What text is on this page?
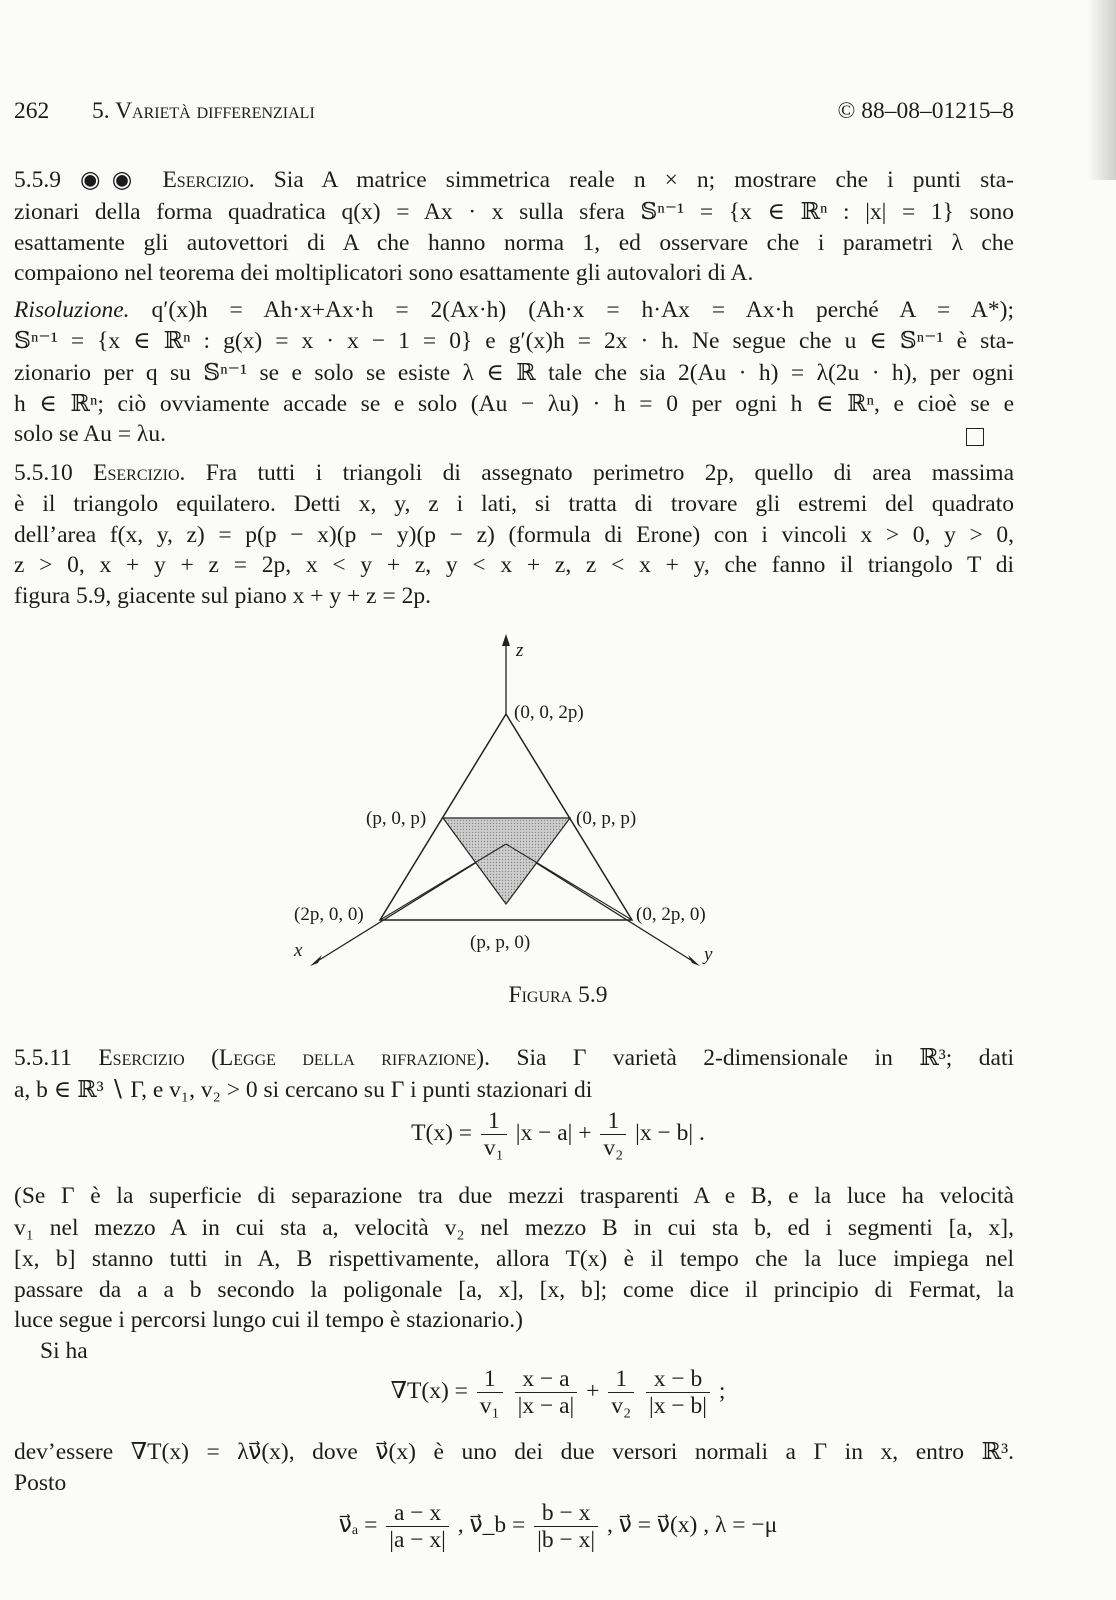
262 5. Varietà differenziali	© 88–08–01215–8
5.5.9 ◉◉ Esercizio. Sia A matrice simmetrica reale n × n; mostrare che i punti sta-
zionari della forma quadratica q(x) = Ax · x sulla sfera 𝕊ⁿ⁻¹ = {x ∈ ℝⁿ : |x| = 1} sono
esattamente gli autovettori di A che hanno norma 1, ed osservare che i parametri λ che
compaiono nel teorema dei moltiplicatori sono esattamente gli autovalori di A.
Risoluzione. q′(x)h = Ah·x+Ax·h = 2(Ax·h) (Ah·x = h·Ax = Ax·h perché A = A*);
𝕊ⁿ⁻¹ = {x ∈ ℝⁿ : g(x) = x · x − 1 = 0} e g′(x)h = 2x · h. Ne segue che u ∈ 𝕊ⁿ⁻¹ è sta-
zionario per q su 𝕊ⁿ⁻¹ se e solo se esiste λ ∈ ℝ tale che sia 2(Au · h) = λ(2u · h), per ogni
h ∈ ℝⁿ; ciò ovviamente accade se e solo (Au − λu) · h = 0 per ogni h ∈ ℝⁿ, e cioè se e
solo se Au = λu.
5.5.10 Esercizio. Fra tutti i triangoli di assegnato perimetro 2p, quello di area massima
è il triangolo equilatero. Detti x, y, z i lati, si tratta di trovare gli estremi del quadrato
dell’area f(x, y, z) = p(p − x)(p − y)(p − z) (formula di Erone) con i vincoli x > 0, y > 0,
z > 0, x + y + z = 2p, x < y + z, y < x + z, z < x + y, che fanno il triangolo T di
figura 5.9, giacente sul piano x + y + z = 2p.
z
(0, 0, 2p)
(p, 0, p)	(0, p, p)
(2p, 0, 0)	(0, 2p, 0)
(p, p, 0)
x	y
Figura 5.9
5.5.11 Esercizio (Legge della rifrazione). Sia Γ varietà 2-dimensionale in ℝ³; dati
a, b ∈ ℝ³ ∖ Γ, e v₁, v₂ > 0 si cercano su Γ i punti stazionari di
$T(x) = \frac{1}{\text{v₁}} |x - a| + \frac{1}{\text{v₂}} |x - b|$ .
(Se Γ è la superficie di separazione tra due mezzi trasparenti A e B, e la luce ha velocità
v₁ nel mezzo A in cui sta a, velocità v₂ nel mezzo B in cui sta b, ed i segmenti [a, x],
[x, b] stanno tutti in A, B rispettivamente, allora T(x) è il tempo che la luce impiega nel
passare da a a b secondo la poligonale [a, x], [x, b]; come dice il principio di Fermat, la
luce segue i percorsi lungo cui il tempo è stazionario.)
Si ha
$\nabla T(x) = \frac{1}{\text{v₁}}$
$\frac{x - a}{|x - a|} + \frac{1}{\text{v₂}}$
$\frac{x - b}{|x - b|}$ ;
dev’essere ∇T(x) = λν⃗(x), dove ν⃗(x) è uno dei due versori normali a Γ in x, entro ℝ³.
Posto
ν⃗ₐ = $\frac{a - x}{|a - x|}$ , ν⃗_b = $\frac{b - x}{|b - x|}$ , ν⃗ = ν⃗(x) , λ = −μ
